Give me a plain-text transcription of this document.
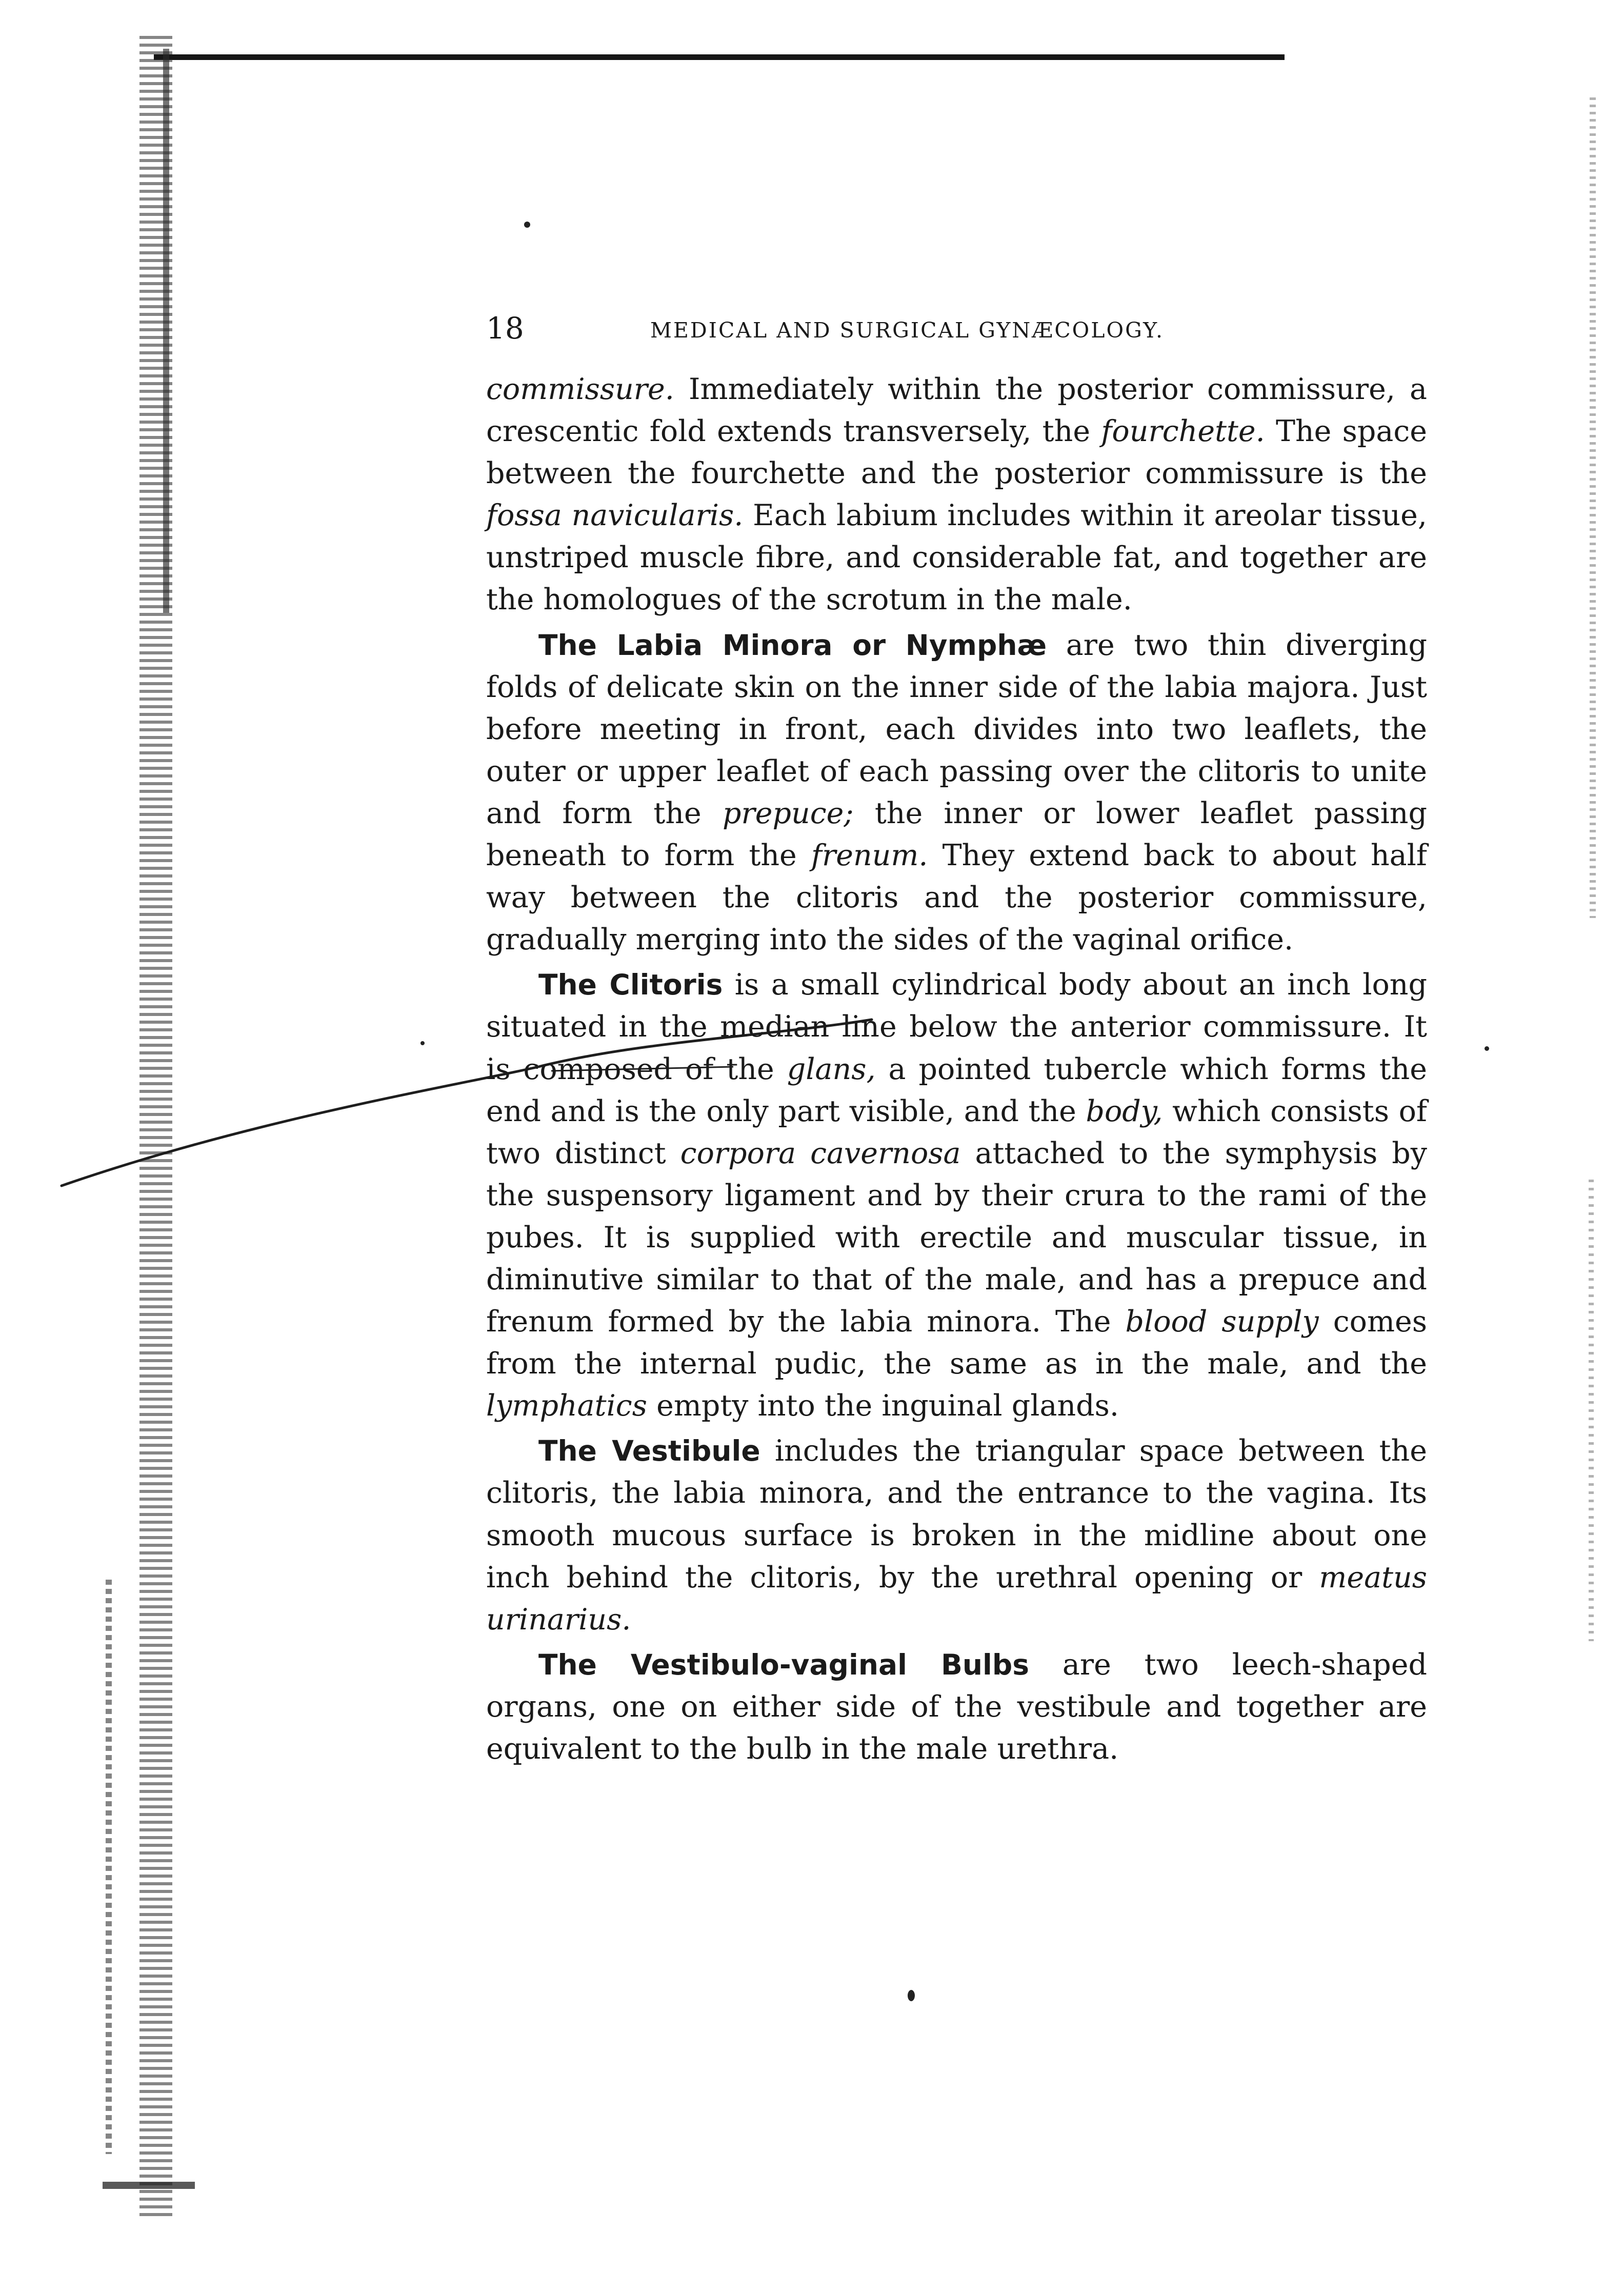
18	MEDICAL AND SURGICAL GYNÆCOLOGY.

commissure. Immediately within the posterior commissure, a crescentic fold extends transversely, the fourchette. The space between the fourchette and the posterior commissure is the fossa navicularis. Each labium includes within it areolar tissue, unstriped muscle fibre, and considerable fat, and together are the homologues of the scrotum in the male.

The Labia Minora or Nymphæ are two thin diverging folds of delicate skin on the inner side of the labia majora. Just before meeting in front, each divides into two leaflets, the outer or upper leaflet of each passing over the clitoris to unite and form the prepuce; the inner or lower leaflet passing beneath to form the frenum. They extend back to about half way between the clitoris and the posterior commissure, gradually merging into the sides of the vaginal orifice.

The Clitoris is a small cylindrical body about an inch long situated in the median line below the anterior commissure. It is composed of the glans, a pointed tubercle which forms the end and is the only part visible, and the body, which consists of two distinct corpora cavernosa attached to the symphysis by the suspensory ligament and by their crura to the rami of the pubes. It is supplied with erectile and muscular tissue, in diminutive similar to that of the male, and has a prepuce and frenum formed by the labia minora. The blood supply comes from the internal pudic, the same as in the male, and the lymphatics empty into the inguinal glands.

The Vestibule includes the triangular space between the clitoris, the labia minora, and the entrance to the vagina. Its smooth mucous surface is broken in the midline about one inch behind the clitoris, by the urethral opening or meatus urinarius.

The Vestibulo-vaginal Bulbs are two leech-shaped organs, one on either side of the vestibule and together are equivalent to the bulb in the male urethra.
